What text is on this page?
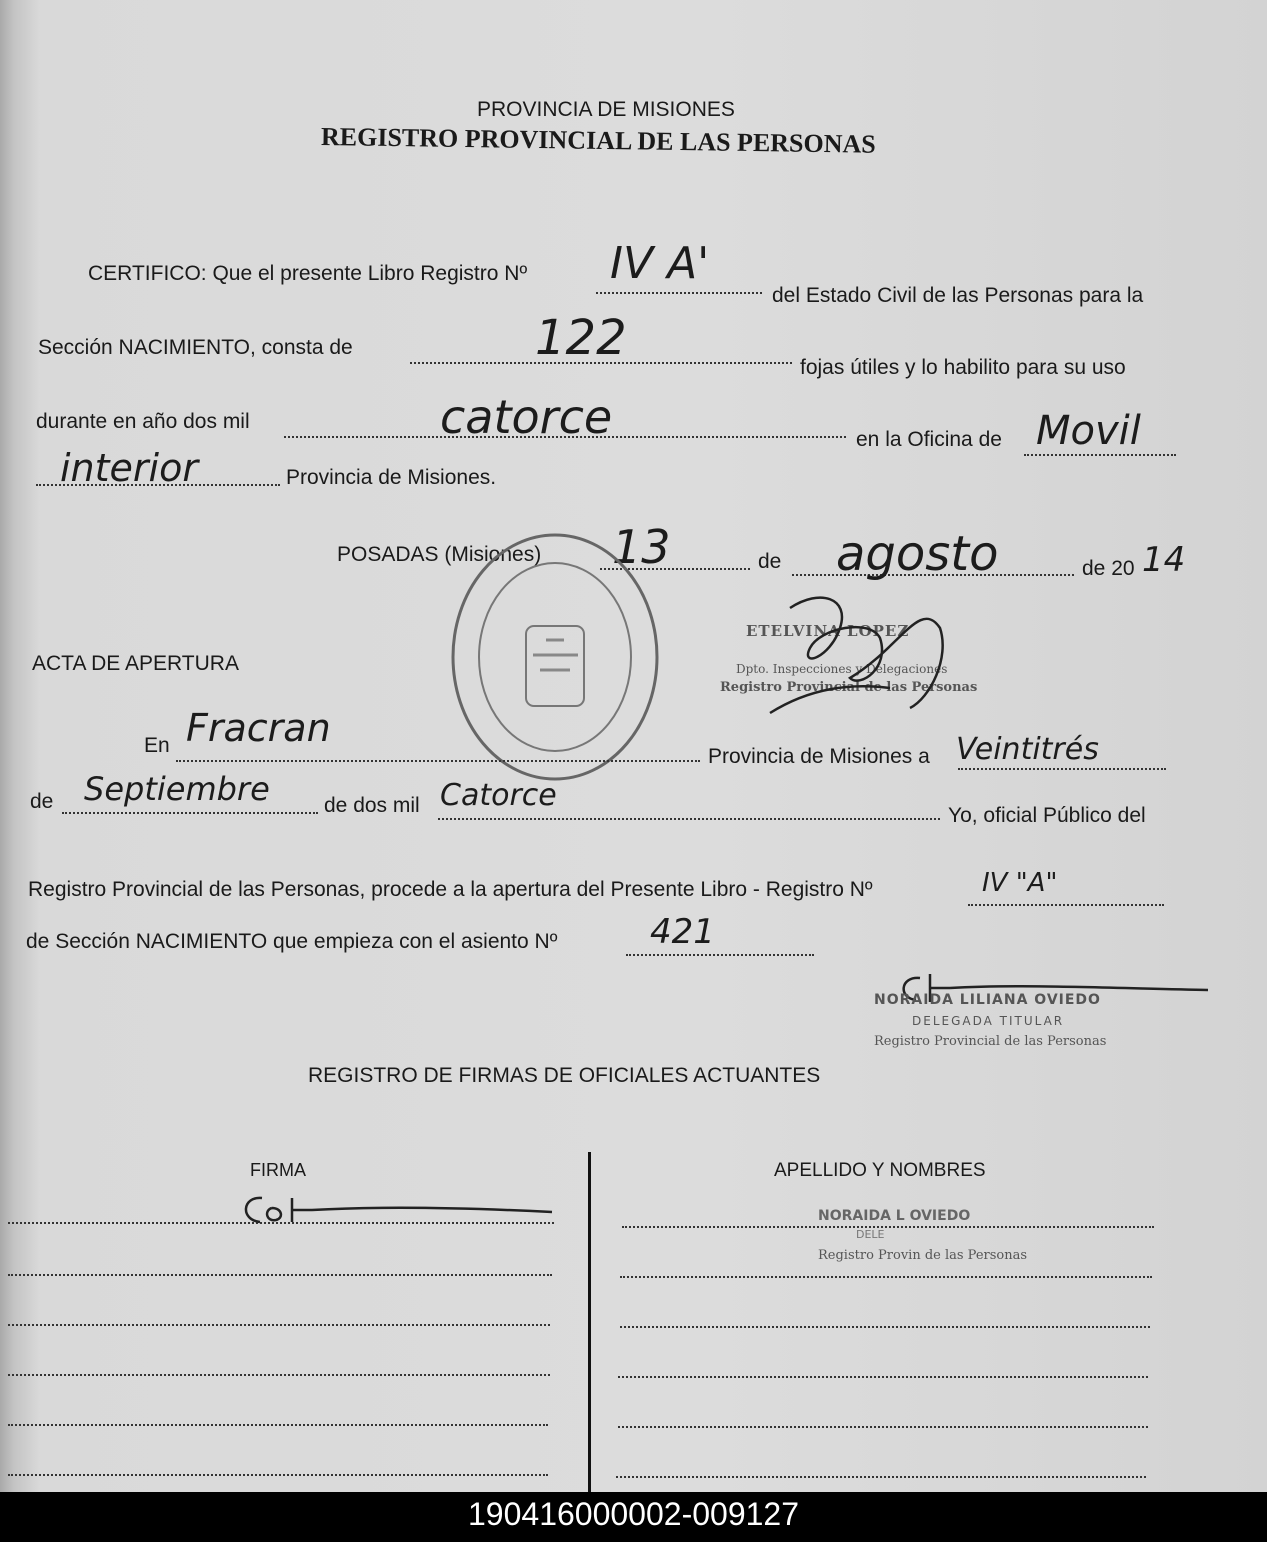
PROVINCIA DE MISIONES
REGISTRO PROVINCIAL DE LAS PERSONAS
CERTIFICO: Que el presente Libro Registro Nº IV A'
del Estado Civil de las Personas para la
Sección NACIMIENTO, consta de	122
fojas útiles y lo habilito para su uso
durante en año dos mil	catorce	en la Oficina de Movil
interior	Provincia de Misiones.
POSADAS (Misiones) 13	de agosto	de 20 14
ETELVINA LOPEZ
Dpto. Inspecciones y Delegaciones
Registro Provincial de las Personas
ACTA DE APERTURA
En Fracran
Provincia de Misiones a Veintitrés
de Septiembre	de dos mil Catorce
Yo, oficial Público del
Registro Provincial de las Personas, procede a la apertura del Presente Libro - Registro Nº	IV "A"
de Sección NACIMIENTO que empieza con el asiento Nº	421
NORAIDA LILIANA OVIEDO
DELEGADA TITULAR
Registro Provincial de las Personas
REGISTRO DE FIRMAS DE OFICIALES ACTUANTES
FIRMA	APELLIDO Y NOMBRES
NORAIDA L OVIEDO
DELE
Registro Provin de las Personas
190416000002-009127
